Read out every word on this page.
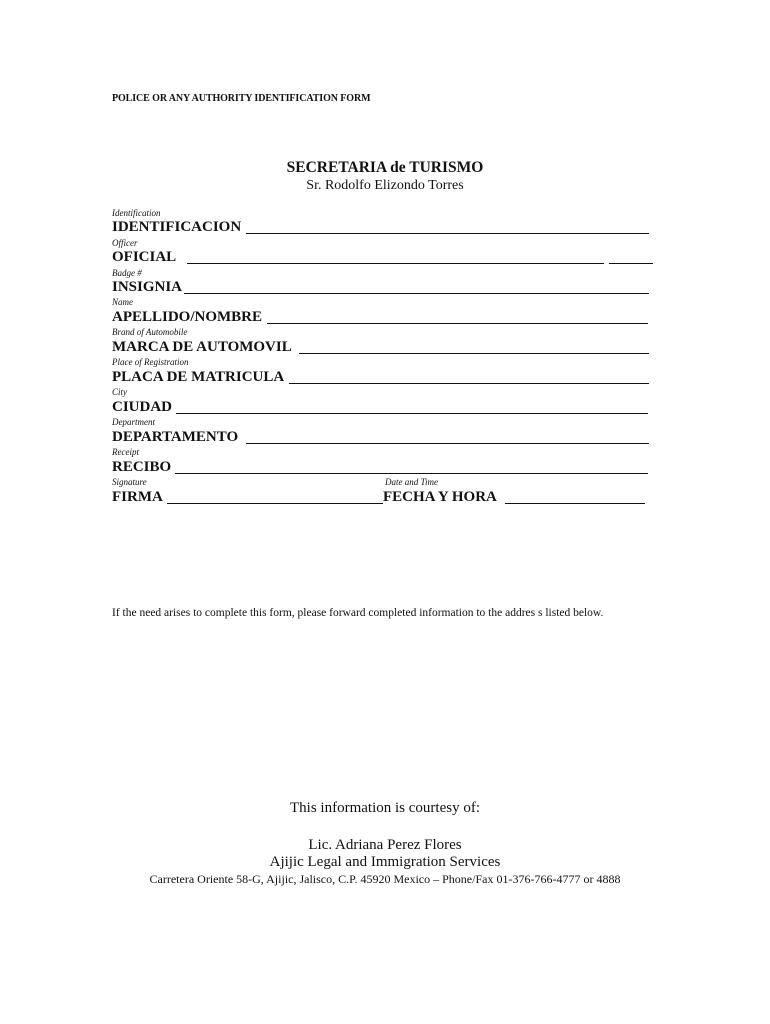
POLICE OR ANY AUTHORITY IDENTIFICATION FORM
SECRETARIA de TURISMO
Sr. Rodolfo Elizondo Torres
Identification
IDENTIFICACION
Officer
OFICIAL
Badge #
INSIGNIA
Name
APELLIDO/NOMBRE
Brand of Automobile
MARCA DE AUTOMOVIL
Place of Registration
PLACA DE MATRICULA
City
CIUDAD
Department
DEPARTAMENTO
Receipt
RECIBO
Signature	Date and Time
FIRMA	FECHA Y HORA
If the need arises to complete this form, please forward completed information to the addres s listed below.
This information is courtesy of:
Lic. Adriana Perez Flores
Ajijic Legal and Immigration Services
Carretera Oriente 58-G, Ajijic, Jalisco, C.P. 45920 Mexico – Phone/Fax 01-376-766-4777 or 4888
